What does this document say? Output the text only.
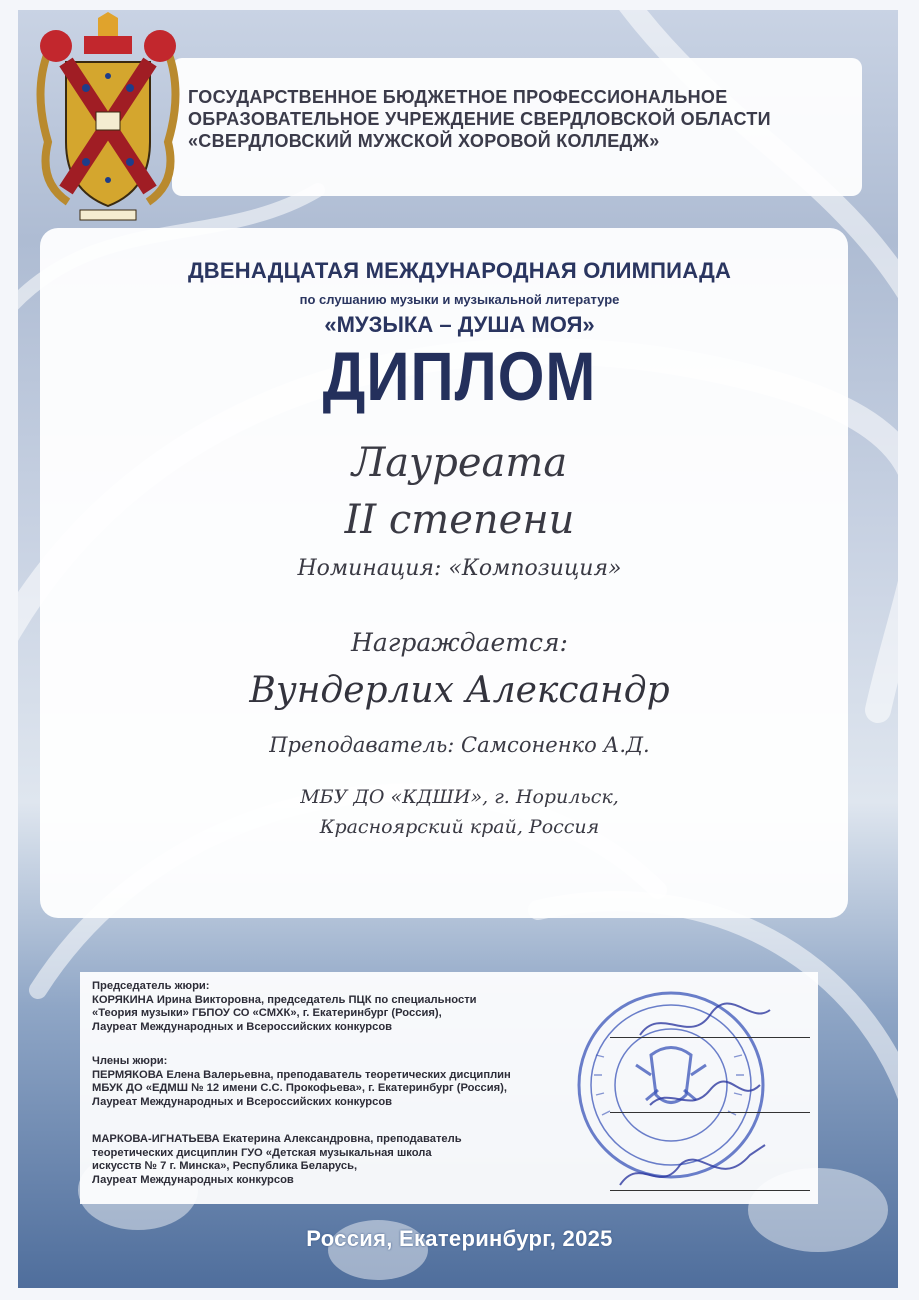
ГОСУДАРСТВЕННОЕ БЮДЖЕТНОЕ ПРОФЕССИОНАЛЬНОЕ
ОБРАЗОВАТЕЛЬНОЕ УЧРЕЖДЕНИЕ СВЕРДЛОВСКОЙ ОБЛАСТИ
«СВЕРДЛОВСКИЙ МУЖСКОЙ ХОРОВОЙ КОЛЛЕДЖ»
ДВЕНАДЦАТАЯ МЕЖДУНАРОДНАЯ ОЛИМПИАДА
по слушанию музыки и музыкальной литературе
«МУЗЫКА – ДУША МОЯ»
ДИПЛОМ
Лауреата
II степени
Номинация: «Композиция»
Награждается:
Вундерлих Александр
Преподаватель: Самсоненко А.Д.
МБУ ДО «КДШИ», г. Норильск,
Красноярский край, Россия
Председатель жюри:
КОРЯКИНА Ирина Викторовна, председатель ПЦК по специальности
«Теория музыки» ГБПОУ СО «СМХК», г. Екатеринбург (Россия),
Лауреат Международных и Всероссийских конкурсов
Члены жюри:
ПЕРМЯКОВА Елена Валерьевна, преподаватель теоретических дисциплин
МБУК ДО «ЕДМШ № 12 имени С.С. Прокофьева», г. Екатеринбург (Россия),
Лауреат Международных и Всероссийских конкурсов
МАРКОВА-ИГНАТЬЕВА Екатерина Александровна, преподаватель
теоретических дисциплин ГУО «Детская музыкальная школа
искусств № 7 г. Минска», Республика Беларусь,
Лауреат Международных конкурсов
Россия, Екатеринбург, 2025
